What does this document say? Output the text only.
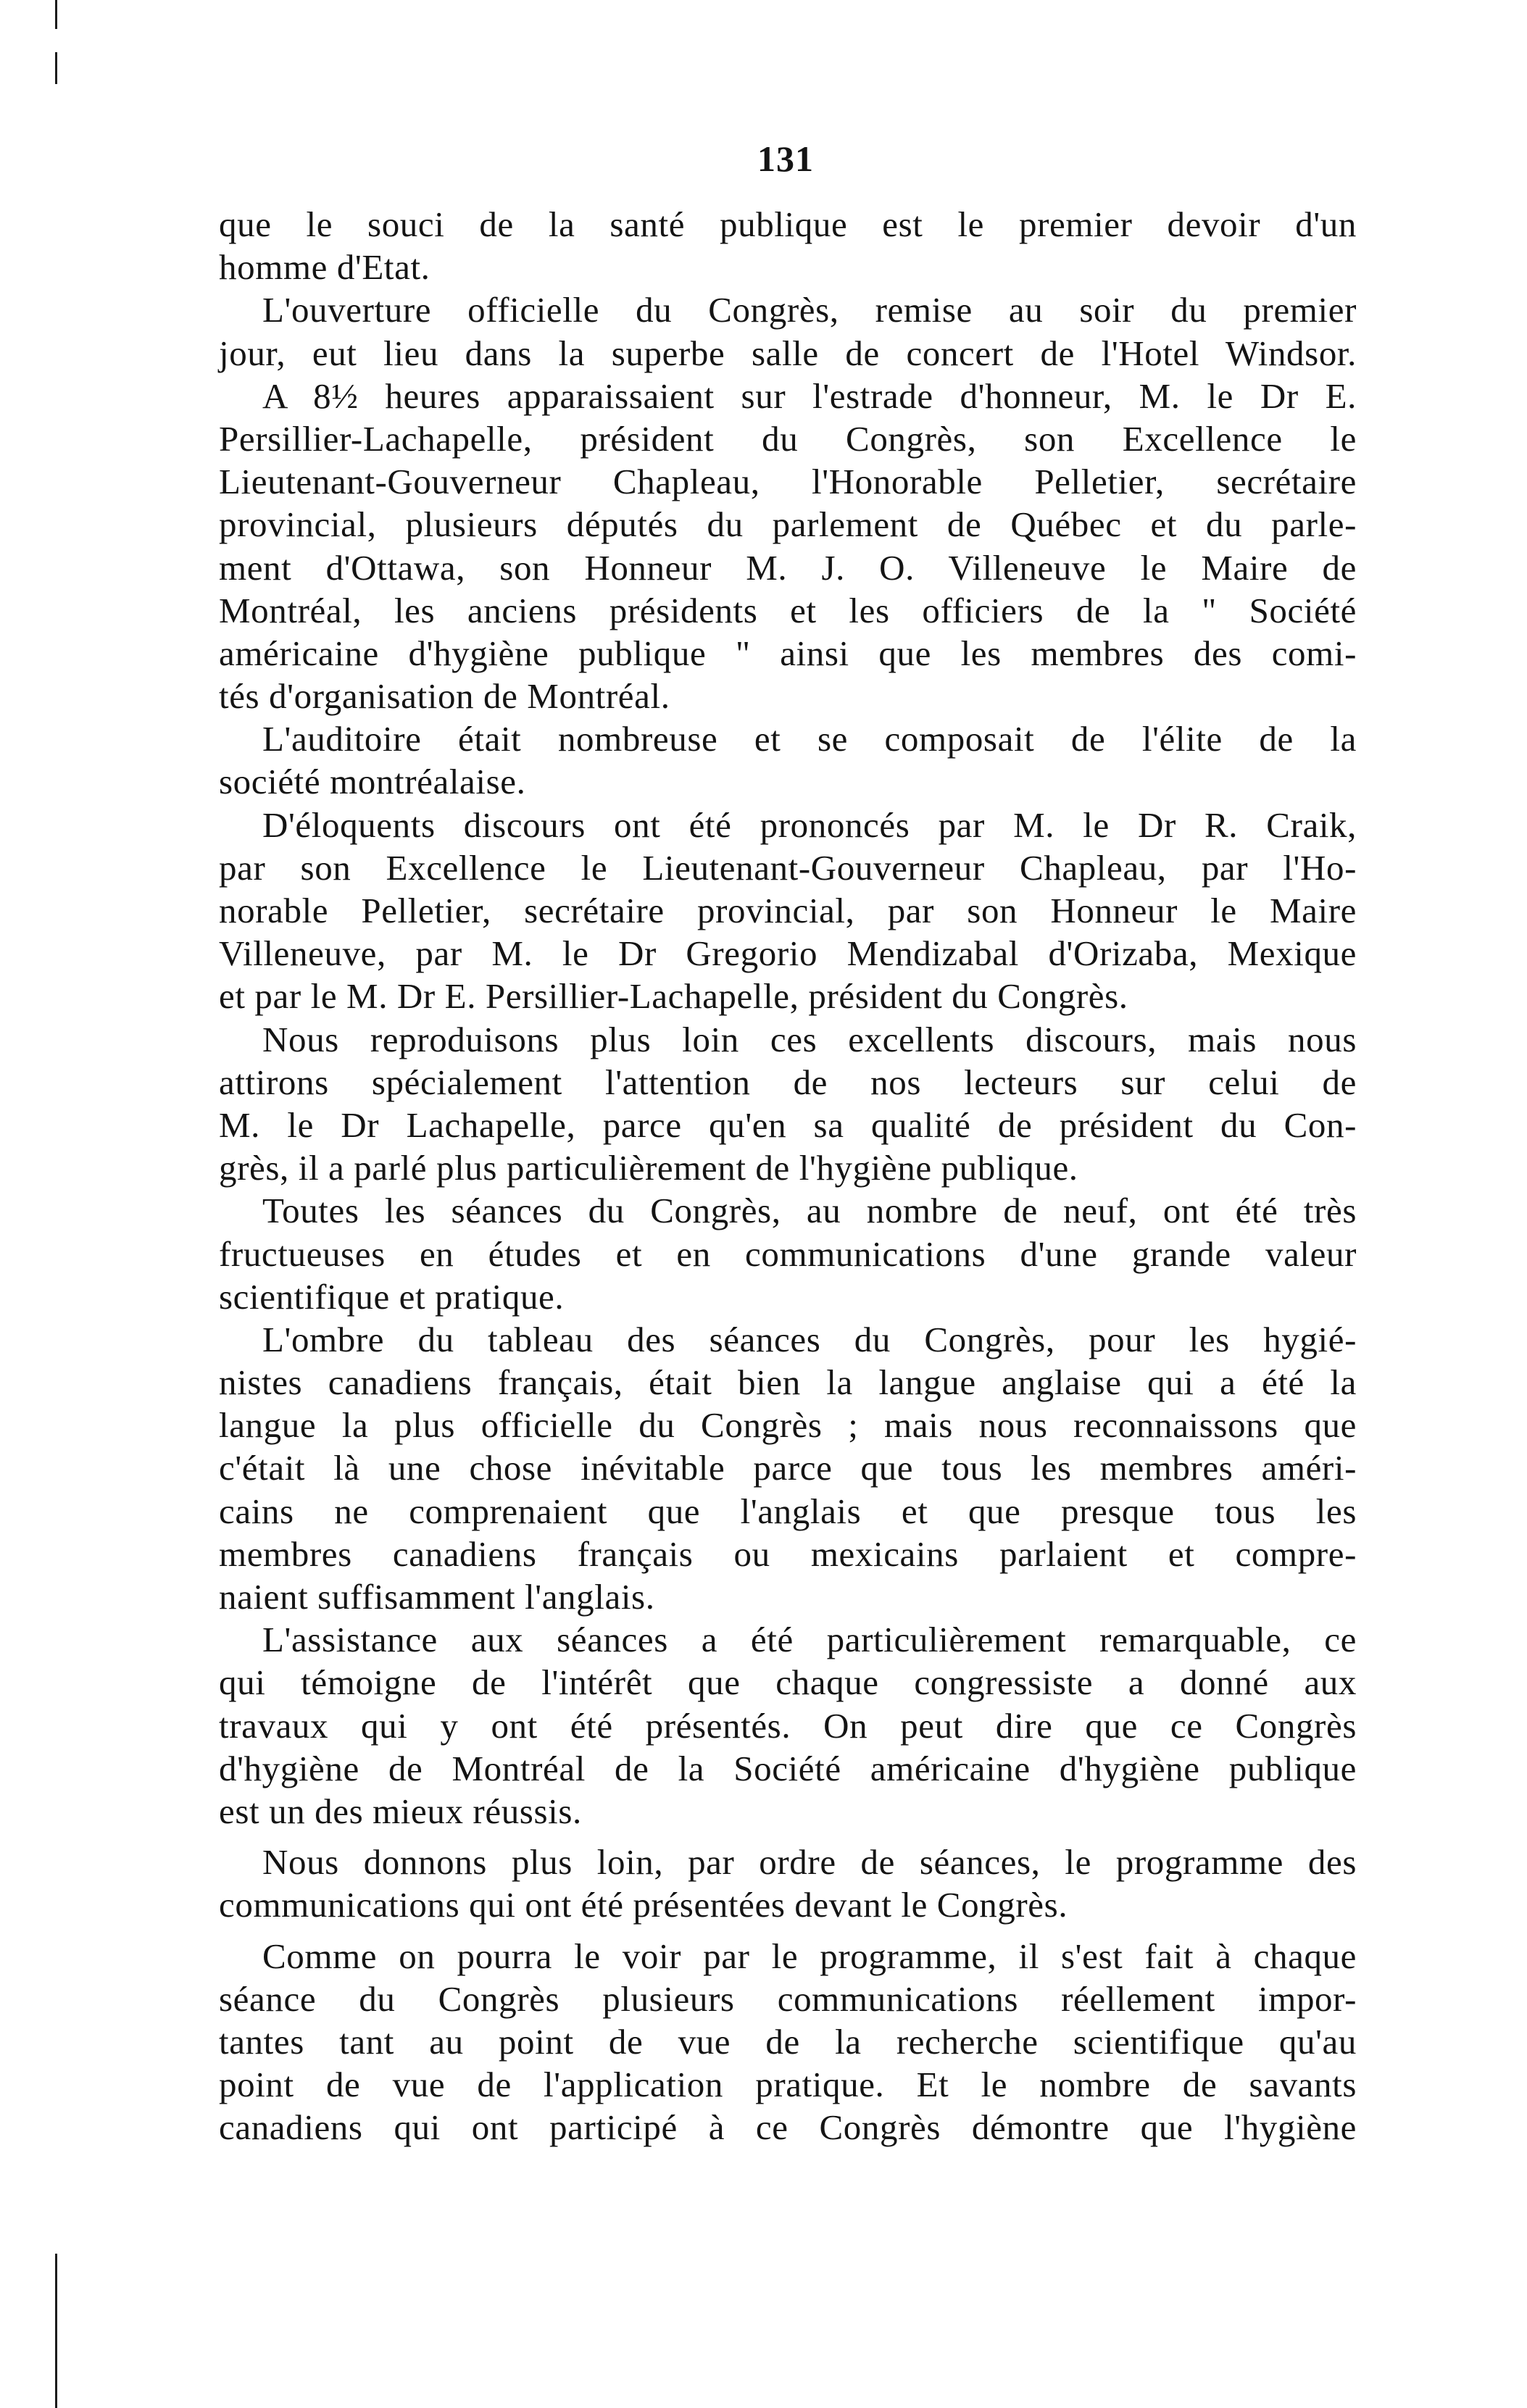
131
que le souci de la santé publique est le premier devoir d'un
homme d'Etat.
L'ouverture officielle du Congrès, remise au soir du premier
jour, eut lieu dans la superbe salle de concert de l'Hotel Windsor.
A 8½ heures apparaissaient sur l'estrade d'honneur, M. le Dr E.
Persillier-Lachapelle, président du Congrès, son Excellence le
Lieutenant-Gouverneur Chapleau, l'Honorable Pelletier, secrétaire
provincial, plusieurs députés du parlement de Québec et du parle-
ment d'Ottawa, son Honneur M. J. O. Villeneuve le Maire de
Montréal, les anciens présidents et les officiers de la " Société
américaine d'hygiène publique " ainsi que les membres des comi-
tés d'organisation de Montréal.
L'auditoire était nombreuse et se composait de l'élite de la
société montréalaise.
D'éloquents discours ont été prononcés par M. le Dr R. Craik,
par son Excellence le Lieutenant-Gouverneur Chapleau, par l'Ho-
norable Pelletier, secrétaire provincial, par son Honneur le Maire
Villeneuve, par M. le Dr Gregorio Mendizabal d'Orizaba, Mexique
et par le M. Dr E. Persillier-Lachapelle, président du Congrès.
Nous reproduisons plus loin ces excellents discours, mais nous
attirons spécialement l'attention de nos lecteurs sur celui de
M. le Dr Lachapelle, parce qu'en sa qualité de président du Con-
grès, il a parlé plus particulièrement de l'hygiène publique.
Toutes les séances du Congrès, au nombre de neuf, ont été très
fructueuses en études et en communications d'une grande valeur
scientifique et pratique.
L'ombre du tableau des séances du Congrès, pour les hygié-
nistes canadiens français, était bien la langue anglaise qui a été la
langue la plus officielle du Congrès ; mais nous reconnaissons que
c'était là une chose inévitable parce que tous les membres améri-
cains ne comprenaient que l'anglais et que presque tous les
membres canadiens français ou mexicains parlaient et compre-
naient suffisamment l'anglais.
L'assistance aux séances a été particulièrement remarquable, ce
qui témoigne de l'intérêt que chaque congressiste a donné aux
travaux qui y ont été présentés. On peut dire que ce Congrès
d'hygiène de Montréal de la Société américaine d'hygiène publique
est un des mieux réussis.
Nous donnons plus loin, par ordre de séances, le programme des
communications qui ont été présentées devant le Congrès.
Comme on pourra le voir par le programme, il s'est fait à chaque
séance du Congrès plusieurs communications réellement impor-
tantes tant au point de vue de la recherche scientifique qu'au
point de vue de l'application pratique. Et le nombre de savants
canadiens qui ont participé à ce Congrès démontre que l'hygiène
